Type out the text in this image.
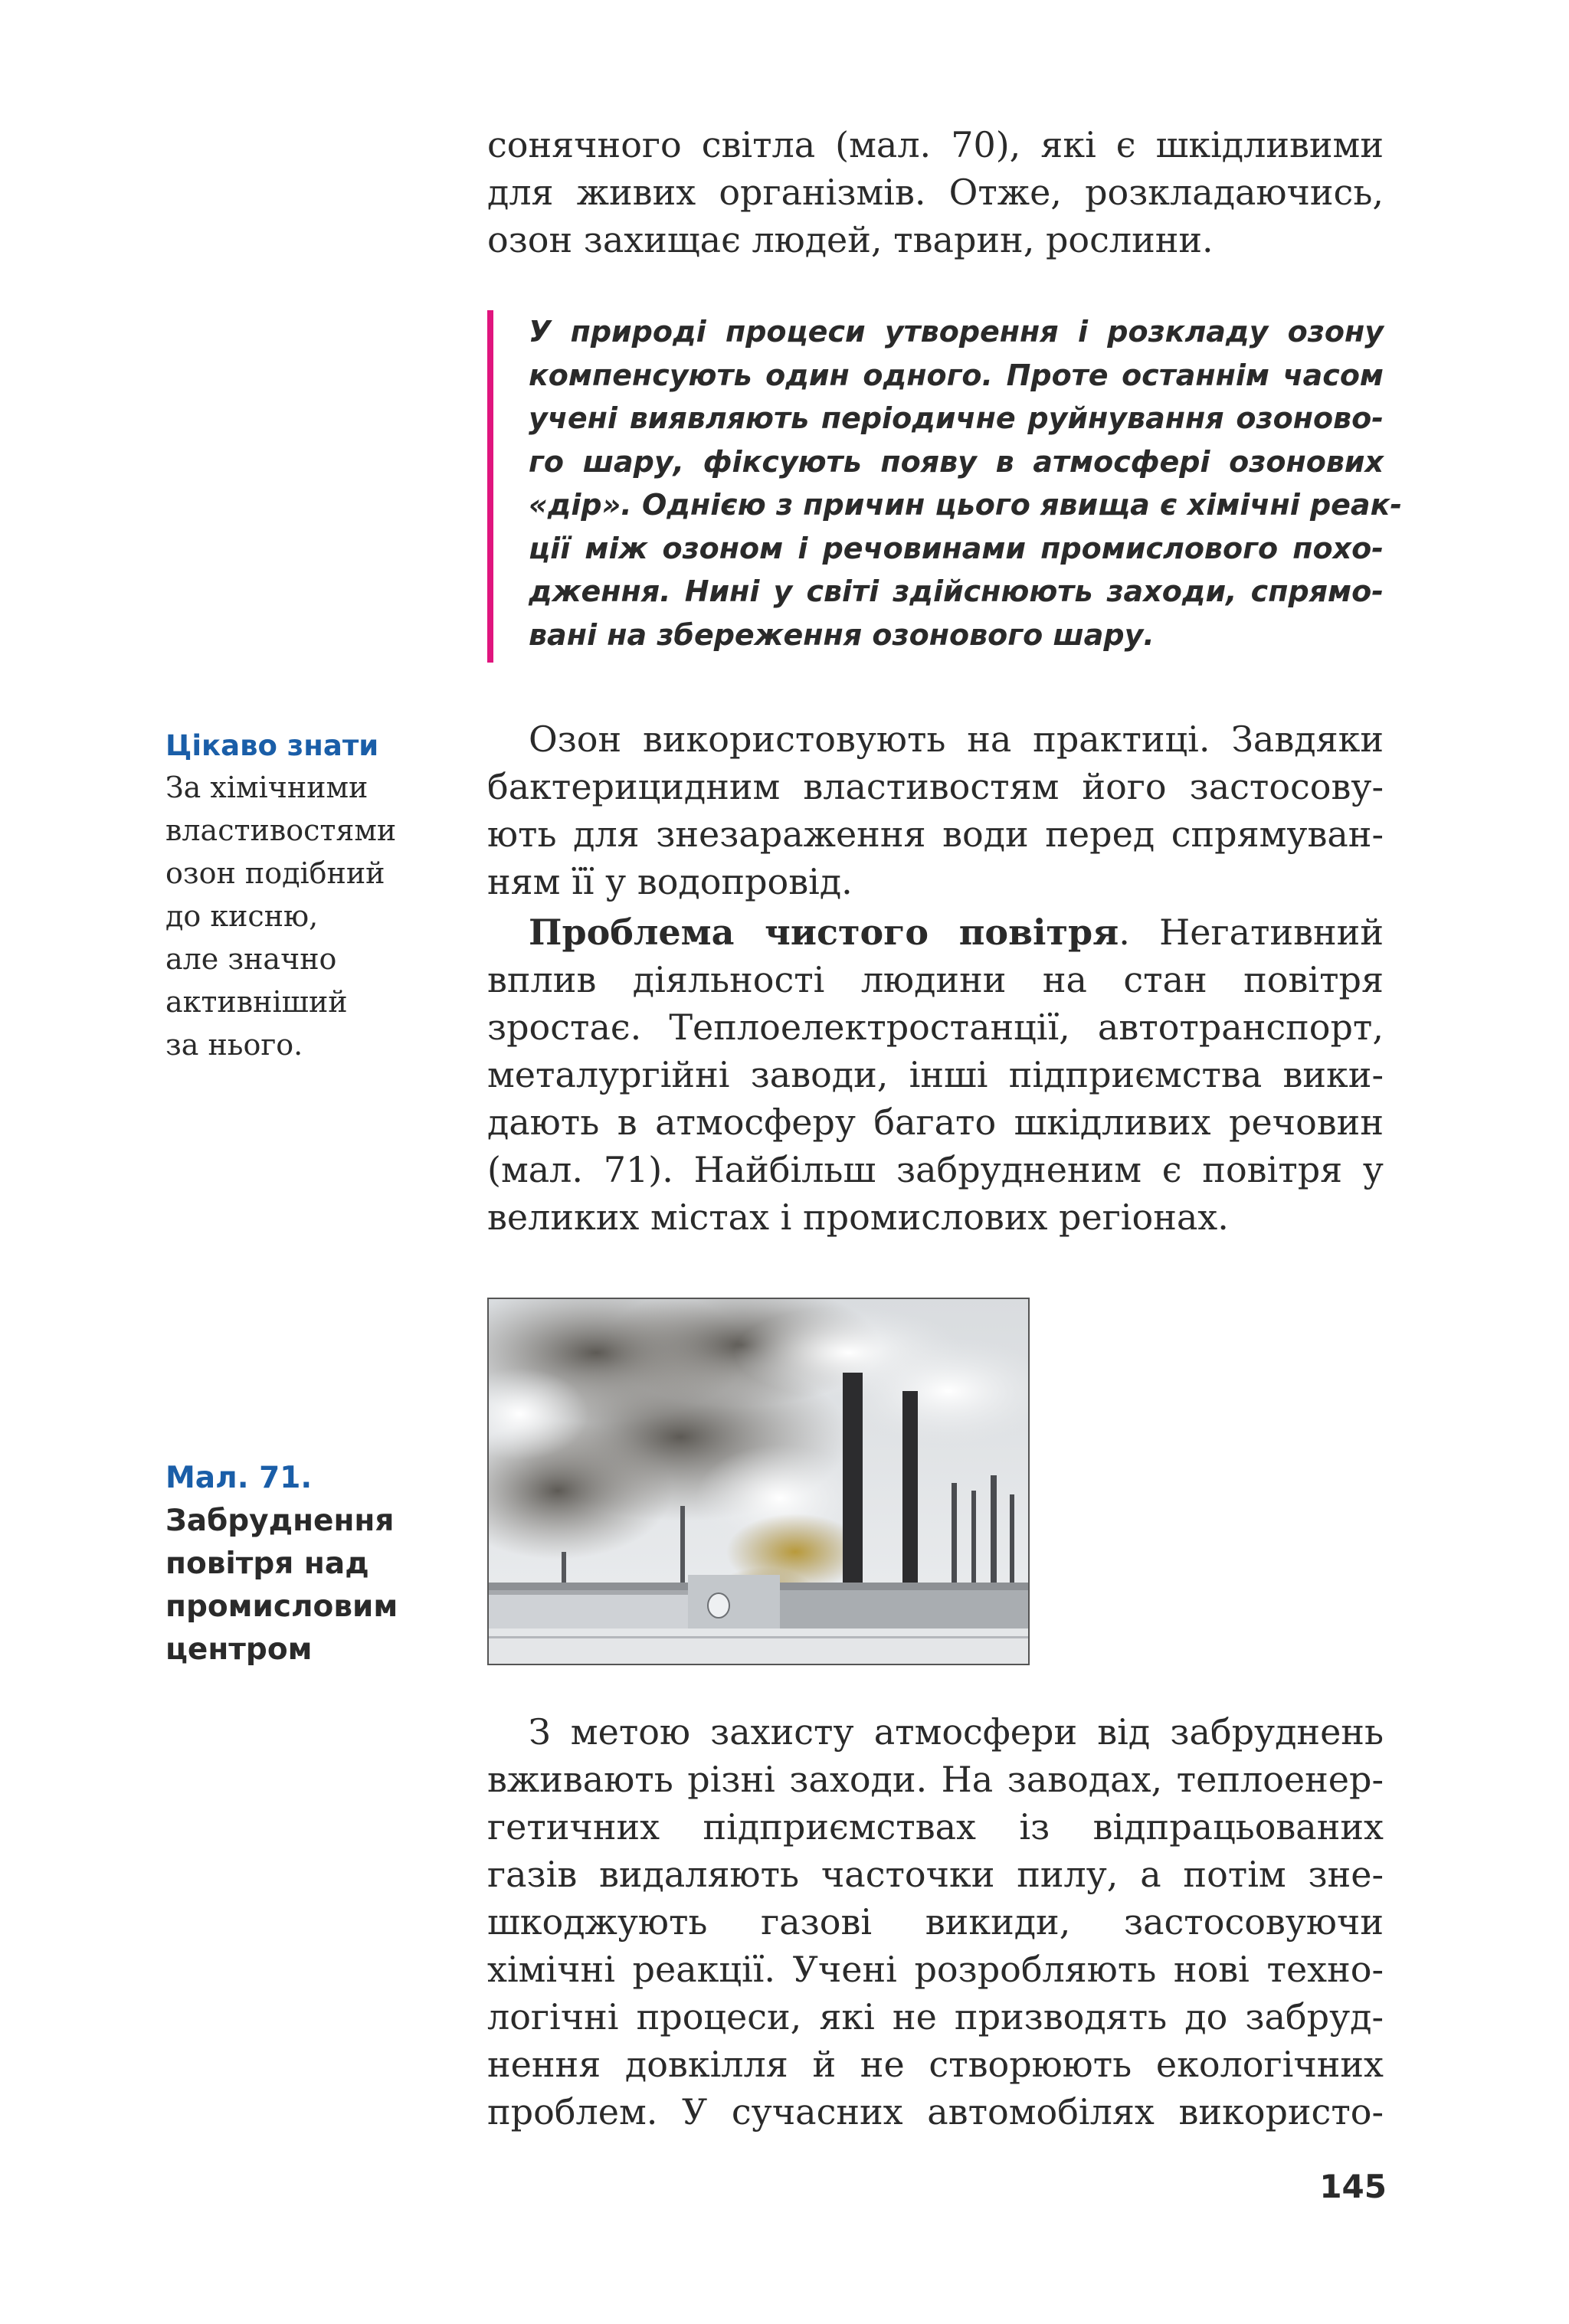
сонячного світла (мал. 70), які є шкідливими
для живих організмів. Отже, розкладаючись,
озон захищає людей, тварин, рослини.

У природі процеси утворення і розкладу озону
компенсують один одного. Проте останнім часом
учені виявляють періодичне руйнування озоново-
го шару, фіксують появу в атмосфері озонових
«дір». Однією з причин цього явища є хімічні реак-
ції між озоном і речовинами промислового похо-
дження. Нині у світі здійснюють заходи, спрямо-
вані на збереження озонового шару.
Цікаво знати
За хімічними
властивостями
озон подібний
до кисню,
але значно
активніший
за нього.

Озон використовують на практиці. Завдяки
бактерицидним властивостям його застосову-
ють для знезараження води перед спрямуван-
ням її у водопровід.

Проблема чистого повітря. Негативний
вплив діяльності людини на стан повітря
зростає. Теплоелектростанції, автотранспорт,
металургійні заводи, інші підприємства вики-
дають в атмосферу багато шкідливих речовин
(мал. 71). Найбільш забрудненим є повітря у
великих містах і промислових регіонах.

Мал. 71.
Забруднення
повітря над
промисловим
центром

З метою захисту атмосфери від забруднень
вживають різні заходи. На заводах, теплоенер-
гетичних підприємствах із відпрацьованих
газів видаляють часточки пилу, а потім зне-
шкоджують газові викиди, застосовуючи
хімічні реакції. Учені розробляють нові техно-
логічні процеси, які не призводять до забруд-
нення довкілля й не створюють екологічних
проблем. У сучасних автомобілях використо-

145
